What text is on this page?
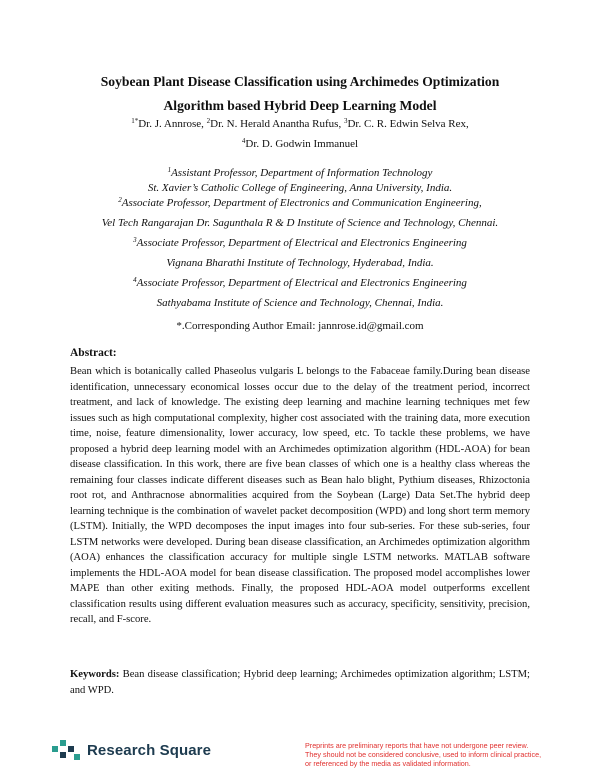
Soybean Plant Disease Classification using Archimedes Optimization
Algorithm based Hybrid Deep Learning Model
$^{1*}$Dr. J. Annrose, $^2$Dr. N. Herald Anantha Rufus, $^3$Dr. C. R. Edwin Selva Rex,
$^4$Dr. D. Godwin Immanuel
$^1$Assistant Professor, Department of Information Technology
St. Xavier’s Catholic College of Engineering, Anna University, India.
$^2$Associate Professor, Department of Electronics and Communication Engineering,
Vel Tech Rangarajan Dr. Sagunthala R & D Institute of Science and Technology, Chennai.
$^3$Associate Professor, Department of Electrical and Electronics Engineering
Vignana Bharathi Institute of Technology, Hyderabad, India.
$^4$Associate Professor, Department of Electrical and Electronics Engineering
Sathyabama Institute of Science and Technology, Chennai, India.
*.Corresponding Author Email: jannrose.id@gmail.com
Abstract:
Bean which is botanically called Phaseolus vulgaris L belongs to the Fabaceae family.During bean disease identification, unnecessary economical losses occur due to the delay of the treatment period, incorrect treatment, and lack of knowledge. The existing deep learning and machine learning techniques met few issues such as high computational complexity, higher cost associated with the training data, more execution time, noise, feature dimensionality, lower accuracy, low speed, etc. To tackle these problems, we have proposed a hybrid deep learning model with an Archimedes optimization algorithm (HDL-AOA) for bean disease classification. In this work, there are five bean classes of which one is a healthy class whereas the remaining four classes indicate different diseases such as Bean halo blight, Pythium diseases, Rhizoctonia root rot, and Anthracnose abnormalities acquired from the Soybean (Large) Data Set.The hybrid deep learning technique is the combination of wavelet packet decomposition (WPD) and long short term memory (LSTM). Initially, the WPD decomposes the input images into four sub-series. For these sub-series, four LSTM networks were developed. During bean disease classification, an Archimedes optimization algorithm (AOA) enhances the classification accuracy for multiple single LSTM networks. MATLAB software implements the HDL-AOA model for bean disease classification. The proposed model accomplishes lower MAPE than other exiting methods. Finally, the proposed HDL-AOA model outperforms excellent classification results using different evaluation measures such as accuracy, specificity, sensitivity, precision, recall, and F-score.
Keywords: Bean disease classification; Hybrid deep learning; Archimedes optimization algorithm; LSTM; and WPD.
Research Square	Preprints are preliminary reports that have not undergone peer review.
They should not be considered conclusive, used to inform clinical practice,
or referenced by the media as validated information.
